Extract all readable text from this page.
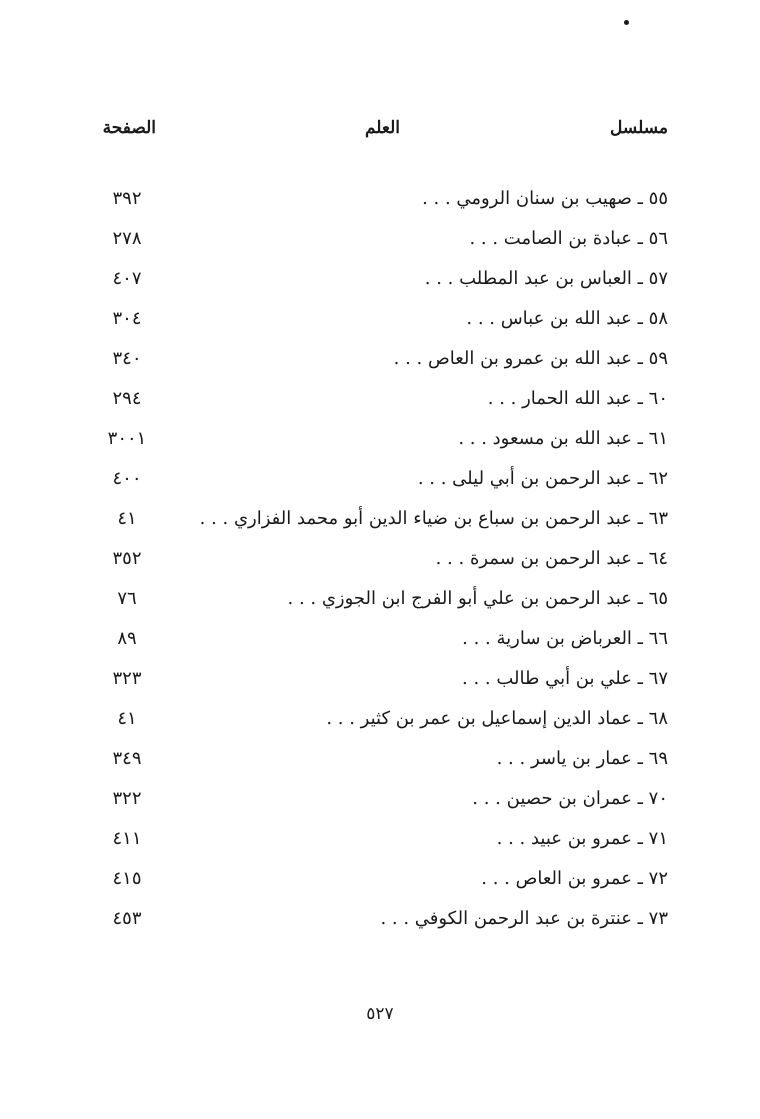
مسلسل
العلم
الصفحة
٥٥ ـ صهيب بن سنان الرومي . . .
٣٩٢
٥٦ ـ عبادة بن الصامت . . .
٢٧٨
٥٧ ـ العباس بن عبد المطلب . . .
٤٠٧
٥٨ ـ عبد الله بن عباس . . .
٣٠٤
٥٩ ـ عبد الله بن عمرو بن العاص . . .
٣٤٠
٦٠ ـ عبد الله الحمار . . .
٢٩٤
٦١ ـ عبد الله بن مسعود . . .
٣٠٠١
٦٢ ـ عبد الرحمن بن أبي ليلى . . .
٤٠٠
٦٣ ـ عبد الرحمن بن سباع بن ضياء الدين أبو محمد الفزاري . . .
٤١
٦٤ ـ عبد الرحمن بن سمرة . . .
٣٥٢
٦٥ ـ عبد الرحمن بن علي أبو الفرج ابن الجوزي . . .
٧٦
٦٦ ـ العرباض بن سارية . . .
٨٩
٦٧ ـ علي بن أبي طالب . . .
٣٢٣
٦٨ ـ عماد الدين إسماعيل بن عمر بن كثير . . .
٤١
٦٩ ـ عمار بن ياسر . . .
٣٤٩
٧٠ ـ عمران بن حصين . . .
٣٢٢
٧١ ـ عمرو بن عبيد . . .
٤١١
٧٢ ـ عمرو بن العاص . . .
٤١٥
٧٣ ـ عنترة بن عبد الرحمن الكوفي . . .
٤٥٣
٥٢٧
